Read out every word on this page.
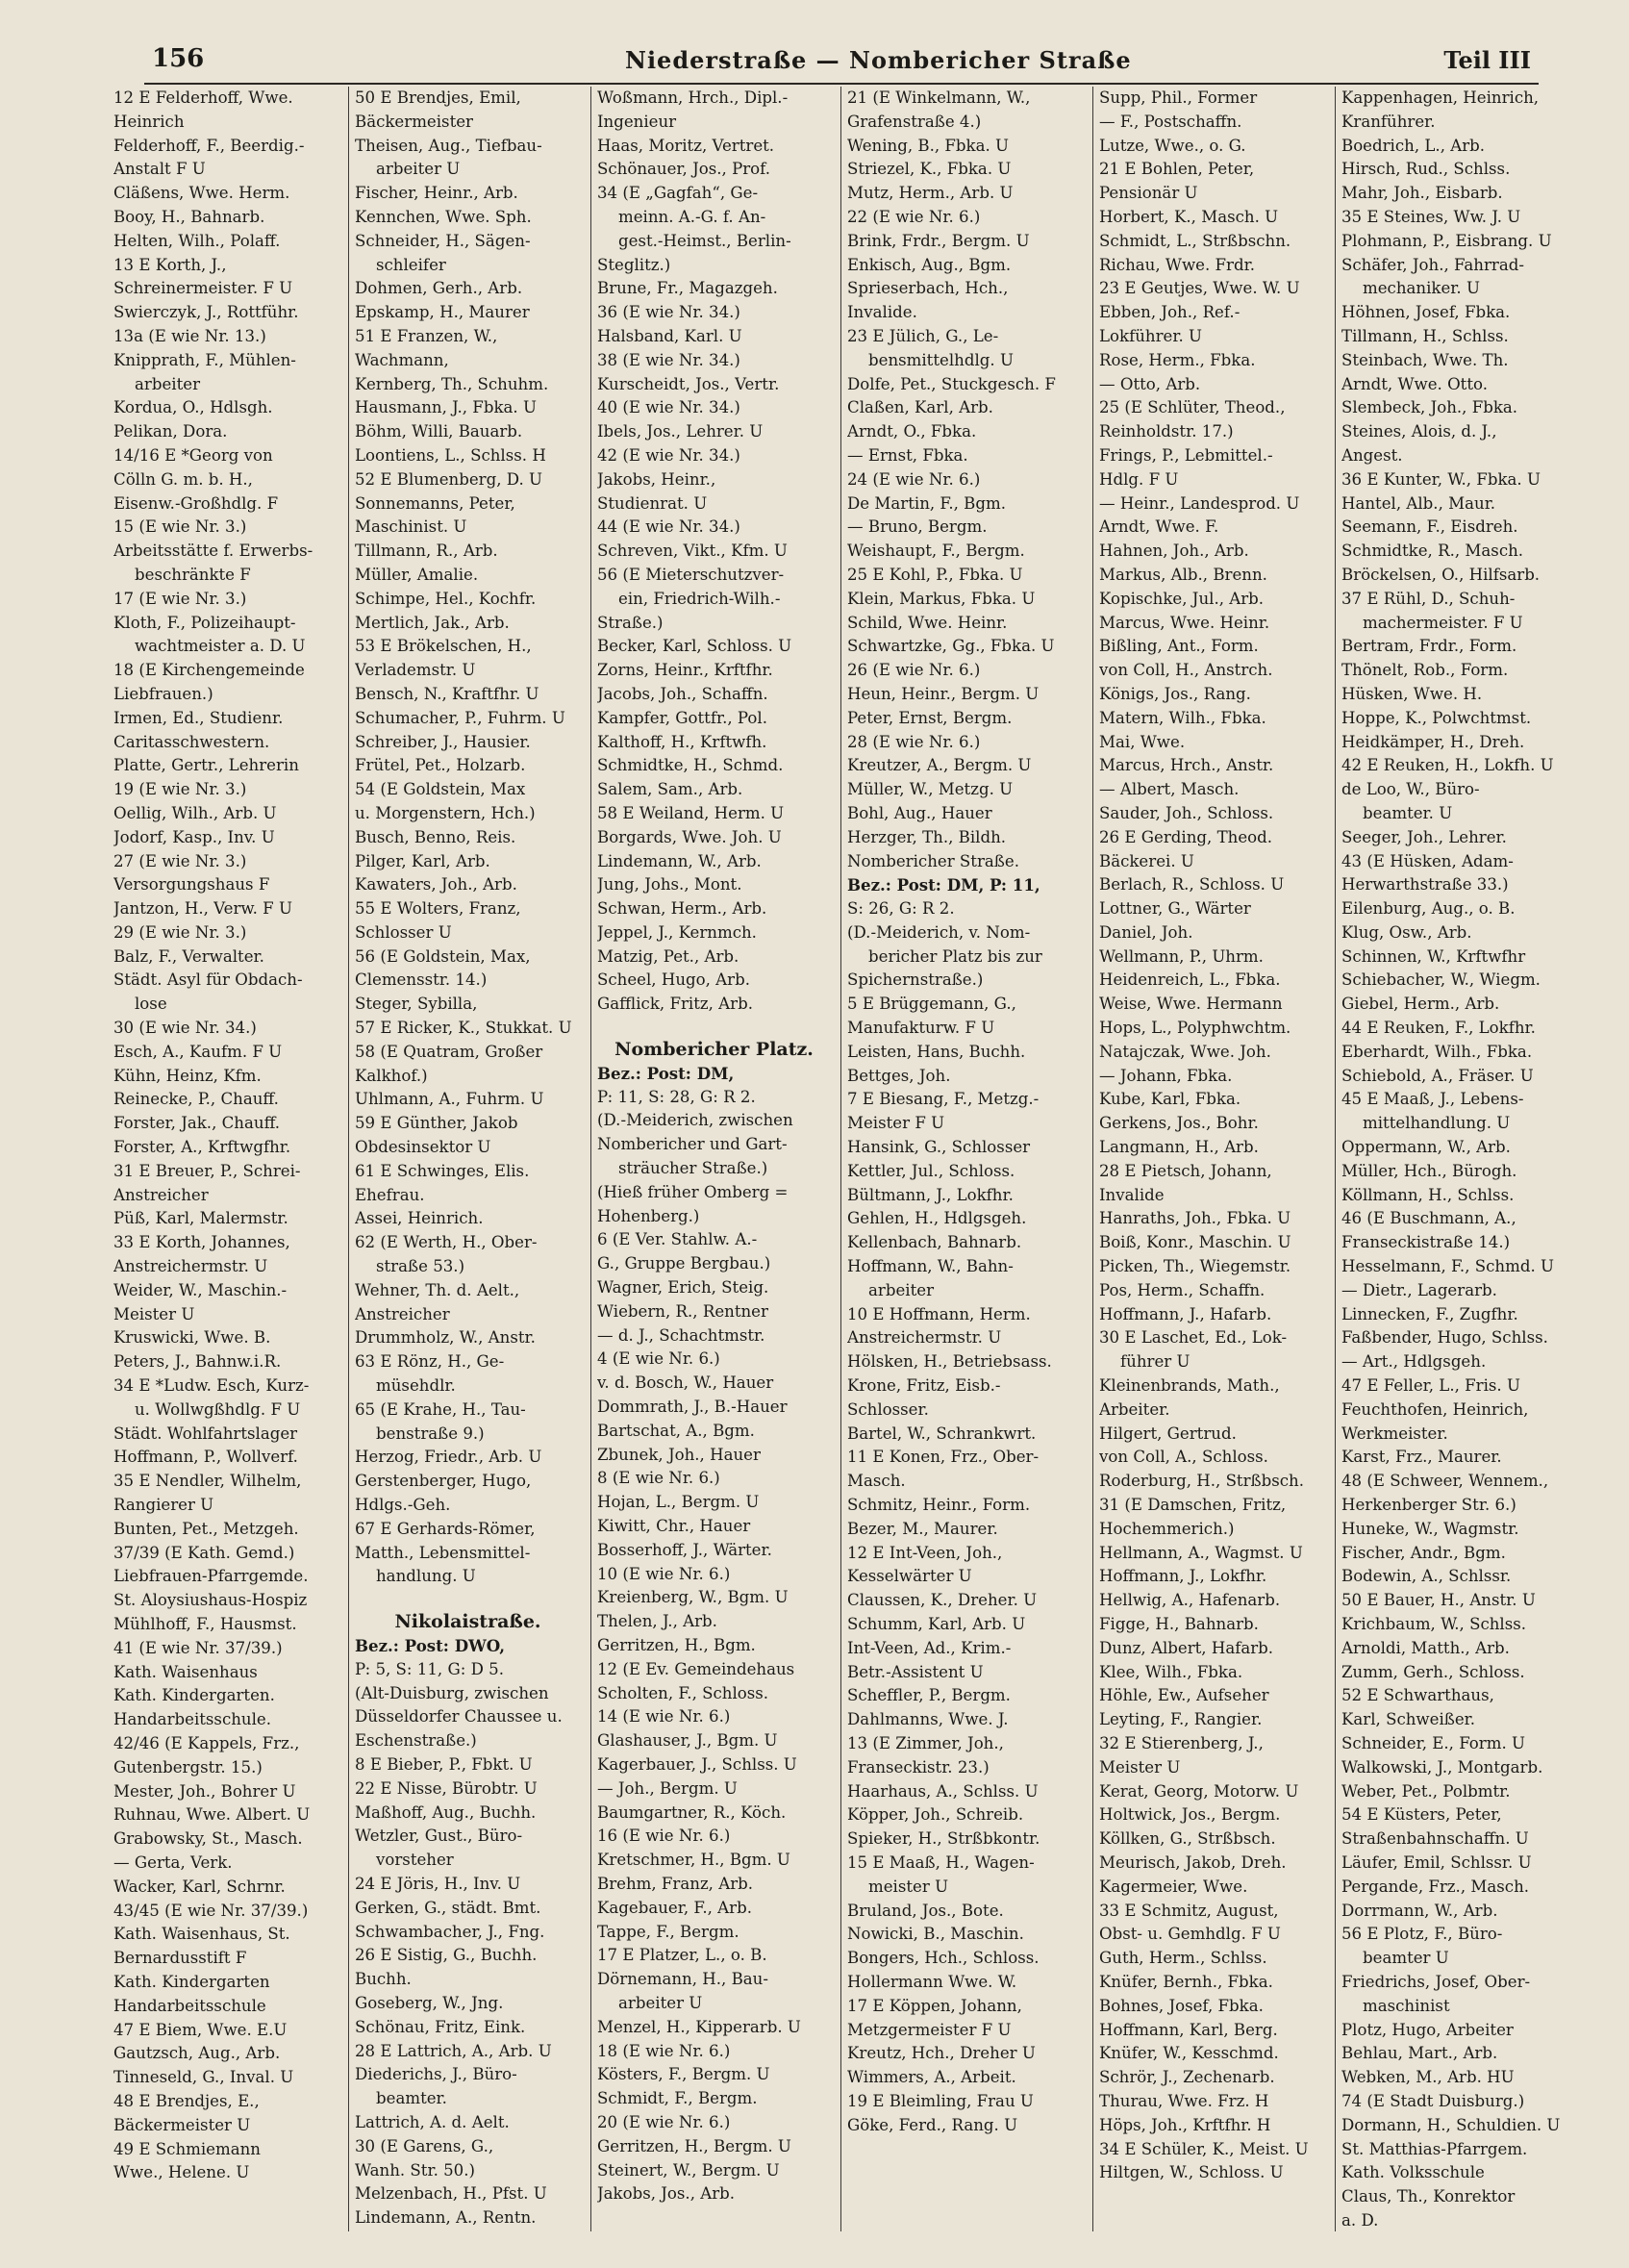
156	Niederstraße — Nombericher Straße	Teil III
12 E Felderhoff, Wwe.
Heinrich
Felderhoff, F., Beerdig.-
Anstalt F U
Cläßens, Wwe. Herm.
Booy, H., Bahnarb.
Helten, Wilh., Polaff.
13 E Korth, J.,
Schreinermeister. F U
Swierczyk, J., Rottführ.
13a (E wie Nr. 13.)
Knipprath, F., Mühlen-
arbeiter
Kordua, O., Hdlsgh.
Pelikan, Dora.
14/16 E *Georg von
Cölln G. m. b. H.,
Eisenw.-Großhdlg. F
15 (E wie Nr. 3.)
Arbeitsstätte f. Erwerbs-
beschränkte F
17 (E wie Nr. 3.)
Kloth, F., Polizeihaupt-
wachtmeister a. D. U
18 (E Kirchengemeinde
Liebfrauen.)
Irmen, Ed., Studienr.
Caritasschwestern.
Platte, Gertr., Lehrerin
19 (E wie Nr. 3.)
Oellig, Wilh., Arb. U
Jodorf, Kasp., Inv. U
27 (E wie Nr. 3.)
Versorgungshaus F
Jantzon, H., Verw. F U
29 (E wie Nr. 3.)
Balz, F., Verwalter.
Städt. Asyl für Obdach-
lose
30 (E wie Nr. 34.)
Esch, A., Kaufm. F U
Kühn, Heinz, Kfm.
Reinecke, P., Chauff.
Forster, Jak., Chauff.
Forster, A., Krftwgfhr.
31 E Breuer, P., Schrei-
Anstreicher
Püß, Karl, Malermstr.
33 E Korth, Johannes,
Anstreichermstr. U
Weider, W., Maschin.-
Meister U
Kruswicki, Wwe. B.
Peters, J., Bahnw.i.R.
34 E *Ludw. Esch, Kurz-
u. Wollwgßhdlg. F U
Städt. Wohlfahrtslager
Hoffmann, P., Wollverf.
35 E Nendler, Wilhelm,
Rangierer U
Bunten, Pet., Metzgeh.
37/39 (E Kath. Gemd.)
Liebfrauen-Pfarrgemde.
St. Aloysiushaus-Hospiz
Mühlhoff, F., Hausmst.
41 (E wie Nr. 37/39.)
Kath. Waisenhaus
Kath. Kindergarten.
Handarbeitsschule.
42/46 (E Kappels, Frz.,
Gutenbergstr. 15.)
Mester, Joh., Bohrer U
Ruhnau, Wwe. Albert. U
Grabowsky, St., Masch.
— Gerta, Verk.
Wacker, Karl, Schrnr.
43/45 (E wie Nr. 37/39.)
Kath. Waisenhaus, St.
Bernardusstift F
Kath. Kindergarten
Handarbeitsschule
47 E Biem, Wwe. E.U
Gautzsch, Aug., Arb.
Tinneseld, G., Inval. U
48 E Brendjes, E.,
Bäckermeister U
49 E Schmiemann
Wwe., Helene. U
50 E Brendjes, Emil,
Bäckermeister
Theisen, Aug., Tiefbau-
arbeiter U
Fischer, Heinr., Arb.
Kennchen, Wwe. Sph.
Schneider, H., Sägen-
schleifer
Dohmen, Gerh., Arb.
Epskamp, H., Maurer
51 E Franzen, W.,
Wachmann,
Kernberg, Th., Schuhm.
Hausmann, J., Fbka. U
Böhm, Willi, Bauarb.
Loontiens, L., Schlss. H
52 E Blumenberg, D. U
Sonnemanns, Peter,
Maschinist. U
Tillmann, R., Arb.
Müller, Amalie.
Schimpe, Hel., Kochfr.
Mertlich, Jak., Arb.
53 E Brökelschen, H.,
Verlademstr. U
Bensch, N., Kraftfhr. U
Schumacher, P., Fuhrm. U
Schreiber, J., Hausier.
Frütel, Pet., Holzarb.
54 (E Goldstein, Max
u. Morgenstern, Hch.)
Busch, Benno, Reis.
Pilger, Karl, Arb.
Kawaters, Joh., Arb.
55 E Wolters, Franz,
Schlosser U
56 (E Goldstein, Max,
Clemensstr. 14.)
Steger, Sybilla,
57 E Ricker, K., Stukkat. U
58 (E Quatram, Großer
Kalkhof.)
Uhlmann, A., Fuhrm. U
59 E Günther, Jakob
Obdesinsektor U
61 E Schwinges, Elis.
Ehefrau.
Assei, Heinrich.
62 (E Werth, H., Ober-
straße 53.)
Wehner, Th. d. Aelt.,
Anstreicher
Drummholz, W., Anstr.
63 E Rönz, H., Ge-
müsehdlr.
65 (E Krahe, H., Tau-
benstraße 9.)
Herzog, Friedr., Arb. U
Gerstenberger, Hugo,
Hdlgs.-Geh.
67 E Gerhards-Römer,
Matth., Lebensmittel-
handlung. U
Nikolaistraße.
Bez.: Post: DWO,
P: 5, S: 11, G: D 5.
(Alt-Duisburg, zwischen
Düsseldorfer Chaussee u.
Eschenstraße.)
8 E Bieber, P., Fbkt. U
22 E Nisse, Bürobtr. U
Maßhoff, Aug., Buchh.
Wetzler, Gust., Büro-
vorsteher
24 E Jöris, H., Inv. U
Gerken, G., städt. Bmt.
Schwambacher, J., Fng.
26 E Sistig, G., Buchh.
Buchh.
Goseberg, W., Jng.
Schönau, Fritz, Eink.
28 E Lattrich, A., Arb. U
Diederichs, J., Büro-
beamter.
Lattrich, A. d. Aelt.
30 (E Garens, G.,
Wanh. Str. 50.)
Melzenbach, H., Pfst. U
Lindemann, A., Rentn.
Woßmann, Hrch., Dipl.-
Ingenieur
Haas, Moritz, Vertret.
Schönauer, Jos., Prof.
34 (E „Gagfah“, Ge-
meinn. A.-G. f. An-
gest.-Heimst., Berlin-
Steglitz.)
Brune, Fr., Magazgeh.
36 (E wie Nr. 34.)
Halsband, Karl. U
38 (E wie Nr. 34.)
Kurscheidt, Jos., Vertr.
40 (E wie Nr. 34.)
Ibels, Jos., Lehrer. U
42 (E wie Nr. 34.)
Jakobs, Heinr.,
Studienrat. U
44 (E wie Nr. 34.)
Schreven, Vikt., Kfm. U
56 (E Mieterschutzver-
ein, Friedrich-Wilh.-
Straße.)
Becker, Karl, Schloss. U
Zorns, Heinr., Krftfhr.
Jacobs, Joh., Schaffn.
Kampfer, Gottfr., Pol.
Kalthoff, H., Krftwfh.
Schmidtke, H., Schmd.
Salem, Sam., Arb.
58 E Weiland, Herm. U
Borgards, Wwe. Joh. U
Lindemann, W., Arb.
Jung, Johs., Mont.
Schwan, Herm., Arb.
Jeppel, J., Kernmch.
Matzig, Pet., Arb.
Scheel, Hugo, Arb.
Gafflick, Fritz, Arb.
Nombericher Platz.
Bez.: Post: DM,
P: 11, S: 28, G: R 2.
(D.-Meiderich, zwischen
Nombericher und Gart-
sträucher Straße.)
(Hieß früher Omberg =
Hohenberg.)
6 (E Ver. Stahlw. A.-
G., Gruppe Bergbau.)
Wagner, Erich, Steig.
Wiebern, R., Rentner
— d. J., Schachtmstr.
4 (E wie Nr. 6.)
v. d. Bosch, W., Hauer
Dommrath, J., B.-Hauer
Bartschat, A., Bgm.
Zbunek, Joh., Hauer
8 (E wie Nr. 6.)
Hojan, L., Bergm. U
Kiwitt, Chr., Hauer
Bosserhoff, J., Wärter.
10 (E wie Nr. 6.)
Kreienberg, W., Bgm. U
Thelen, J., Arb.
Gerritzen, H., Bgm.
12 (E Ev. Gemeindehaus
Scholten, F., Schloss.
14 (E wie Nr. 6.)
Glashauser, J., Bgm. U
Kagerbauer, J., Schlss. U
— Joh., Bergm. U
Baumgartner, R., Köch.
16 (E wie Nr. 6.)
Kretschmer, H., Bgm. U
Brehm, Franz, Arb.
Kagebauer, F., Arb.
Tappe, F., Bergm.
17 E Platzer, L., o. B.
Dörnemann, H., Bau-
arbeiter U
Menzel, H., Kipperarb. U
18 (E wie Nr. 6.)
Kösters, F., Bergm. U
Schmidt, F., Bergm.
20 (E wie Nr. 6.)
Gerritzen, H., Bergm. U
Steinert, W., Bergm. U
Jakobs, Jos., Arb.
21 (E Winkelmann, W.,
Grafenstraße 4.)
Wening, B., Fbka. U
Striezel, K., Fbka. U
Mutz, Herm., Arb. U
22 (E wie Nr. 6.)
Brink, Frdr., Bergm. U
Enkisch, Aug., Bgm.
Sprieserbach, Hch.,
Invalide.
23 E Jülich, G., Le-
bensmittelhdlg. U
Dolfe, Pet., Stuckgesch. F
Claßen, Karl, Arb.
Arndt, O., Fbka.
— Ernst, Fbka.
24 (E wie Nr. 6.)
De Martin, F., Bgm.
— Bruno, Bergm.
Weishaupt, F., Bergm.
25 E Kohl, P., Fbka. U
Klein, Markus, Fbka. U
Schild, Wwe. Heinr.
Schwartzke, Gg., Fbka. U
26 (E wie Nr. 6.)
Heun, Heinr., Bergm. U
Peter, Ernst, Bergm.
28 (E wie Nr. 6.)
Kreutzer, A., Bergm. U
Müller, W., Metzg. U
Bohl, Aug., Hauer
Herzger, Th., Bildh.
Nombericher Straße.
Bez.: Post: DM, P: 11,
S: 26, G: R 2.
(D.-Meiderich, v. Nom-
bericher Platz bis zur
Spichernstraße.)
5 E Brüggemann, G.,
Manufakturw. F U
Leisten, Hans, Buchh.
Bettges, Joh.
7 E Biesang, F., Metzg.-
Meister F U
Hansink, G., Schlosser
Kettler, Jul., Schloss.
Bültmann, J., Lokfhr.
Gehlen, H., Hdlgsgeh.
Kellenbach, Bahnarb.
Hoffmann, W., Bahn-
arbeiter
10 E Hoffmann, Herm.
Anstreichermstr. U
Hölsken, H., Betriebsass.
Krone, Fritz, Eisb.-
Schlosser.
Bartel, W., Schrankwrt.
11 E Konen, Frz., Ober-
Masch.
Schmitz, Heinr., Form.
Bezer, M., Maurer.
12 E Int-Veen, Joh.,
Kesselwärter U
Claussen, K., Dreher. U
Schumm, Karl, Arb. U
Int-Veen, Ad., Krim.-
Betr.-Assistent U
Scheffler, P., Bergm.
Dahlmanns, Wwe. J.
13 (E Zimmer, Joh.,
Franseckistr. 23.)
Haarhaus, A., Schlss. U
Köpper, Joh., Schreib.
Spieker, H., Strßbkontr.
15 E Maaß, H., Wagen-
meister U
Bruland, Jos., Bote.
Nowicki, B., Maschin.
Bongers, Hch., Schloss.
Hollermann Wwe. W.
17 E Köppen, Johann,
Metzgermeister F U
Kreutz, Hch., Dreher U
Wimmers, A., Arbeit.
19 E Bleimling, Frau U
Göke, Ferd., Rang. U
Supp, Phil., Former
— F., Postschaffn.
Lutze, Wwe., o. G.
21 E Bohlen, Peter,
Pensionär U
Horbert, K., Masch. U
Schmidt, L., Strßbschn.
Richau, Wwe. Frdr.
23 E Geutjes, Wwe. W. U
Ebben, Joh., Ref.-
Lokführer. U
Rose, Herm., Fbka.
— Otto, Arb.
25 (E Schlüter, Theod.,
Reinholdstr. 17.)
Frings, P., Lebmittel.-
Hdlg. F U
— Heinr., Landesprod. U
Arndt, Wwe. F.
Hahnen, Joh., Arb.
Markus, Alb., Brenn.
Kopischke, Jul., Arb.
Marcus, Wwe. Heinr.
Bißling, Ant., Form.
von Coll, H., Anstrch.
Königs, Jos., Rang.
Matern, Wilh., Fbka.
Mai, Wwe.
Marcus, Hrch., Anstr.
— Albert, Masch.
Sauder, Joh., Schloss.
26 E Gerding, Theod.
Bäckerei. U
Berlach, R., Schloss. U
Lottner, G., Wärter
Daniel, Joh.
Wellmann, P., Uhrm.
Heidenreich, L., Fbka.
Weise, Wwe. Hermann
Hops, L., Polyphwchtm.
Natajczak, Wwe. Joh.
— Johann, Fbka.
Kube, Karl, Fbka.
Gerkens, Jos., Bohr.
Langmann, H., Arb.
28 E Pietsch, Johann,
Invalide
Hanraths, Joh., Fbka. U
Boiß, Konr., Maschin. U
Picken, Th., Wiegemstr.
Pos, Herm., Schaffn.
Hoffmann, J., Hafarb.
30 E Laschet, Ed., Lok-
führer U
Kleinenbrands, Math.,
Arbeiter.
Hilgert, Gertrud.
von Coll, A., Schloss.
Roderburg, H., Strßbsch.
31 (E Damschen, Fritz,
Hochemmerich.)
Hellmann, A., Wagmst. U
Hoffmann, J., Lokfhr.
Hellwig, A., Hafenarb.
Figge, H., Bahnarb.
Dunz, Albert, Hafarb.
Klee, Wilh., Fbka.
Höhle, Ew., Aufseher
Leyting, F., Rangier.
32 E Stierenberg, J.,
Meister U
Kerat, Georg, Motorw. U
Holtwick, Jos., Bergm.
Köllken, G., Strßbsch.
Meurisch, Jakob, Dreh.
Kagermeier, Wwe.
33 E Schmitz, August,
Obst- u. Gemhdlg. F U
Guth, Herm., Schlss.
Knüfer, Bernh., Fbka.
Bohnes, Josef, Fbka.
Hoffmann, Karl, Berg.
Knüfer, W., Kesschmd.
Schrör, J., Zechenarb.
Thurau, Wwe. Frz. H
Höps, Joh., Krftfhr. H
34 E Schüler, K., Meist. U
Hiltgen, W., Schloss. U
Kappenhagen, Heinrich,
Kranführer.
Boedrich, L., Arb.
Hirsch, Rud., Schlss.
Mahr, Joh., Eisbarb.
35 E Steines, Ww. J. U
Plohmann, P., Eisbrang. U
Schäfer, Joh., Fahrrad-
mechaniker. U
Höhnen, Josef, Fbka.
Tillmann, H., Schlss.
Steinbach, Wwe. Th.
Arndt, Wwe. Otto.
Slembeck, Joh., Fbka.
Steines, Alois, d. J.,
Angest.
36 E Kunter, W., Fbka. U
Hantel, Alb., Maur.
Seemann, F., Eisdreh.
Schmidtke, R., Masch.
Bröckelsen, O., Hilfsarb.
37 E Rühl, D., Schuh-
machermeister. F U
Bertram, Frdr., Form.
Thönelt, Rob., Form.
Hüsken, Wwe. H.
Hoppe, K., Polwchtmst.
Heidkämper, H., Dreh.
42 E Reuken, H., Lokfh. U
de Loo, W., Büro-
beamter. U
Seeger, Joh., Lehrer.
43 (E Hüsken, Adam-
Herwarthstraße 33.)
Eilenburg, Aug., o. B.
Klug, Osw., Arb.
Schinnen, W., Krftwfhr
Schiebacher, W., Wiegm.
Giebel, Herm., Arb.
44 E Reuken, F., Lokfhr.
Eberhardt, Wilh., Fbka.
Schiebold, A., Fräser. U
45 E Maaß, J., Lebens-
mittelhandlung. U
Oppermann, W., Arb.
Müller, Hch., Bürogh.
Köllmann, H., Schlss.
46 (E Buschmann, A.,
Franseckistraße 14.)
Hesselmann, F., Schmd. U
— Dietr., Lagerarb.
Linnecken, F., Zugfhr.
Faßbender, Hugo, Schlss.
— Art., Hdlgsgeh.
47 E Feller, L., Fris. U
Feuchthofen, Heinrich,
Werkmeister.
Karst, Frz., Maurer.
48 (E Schweer, Wennem.,
Herkenberger Str. 6.)
Huneke, W., Wagmstr.
Fischer, Andr., Bgm.
Bodewin, A., Schlssr.
50 E Bauer, H., Anstr. U
Krichbaum, W., Schlss.
Arnoldi, Matth., Arb.
Zumm, Gerh., Schloss.
52 E Schwarthaus,
Karl, Schweißer.
Schneider, E., Form. U
Walkowski, J., Montgarb.
Weber, Pet., Polbmtr.
54 E Küsters, Peter,
Straßenbahnschaffn. U
Läufer, Emil, Schlssr. U
Pergande, Frz., Masch.
Dorrmann, W., Arb.
56 E Plotz, F., Büro-
beamter U
Friedrichs, Josef, Ober-
maschinist
Plotz, Hugo, Arbeiter
Behlau, Mart., Arb.
Webken, M., Arb. HU
74 (E Stadt Duisburg.)
Dormann, H., Schuldien. U
St. Matthias-Pfarrgem.
Kath. Volksschule
Claus, Th., Konrektor
a. D.
